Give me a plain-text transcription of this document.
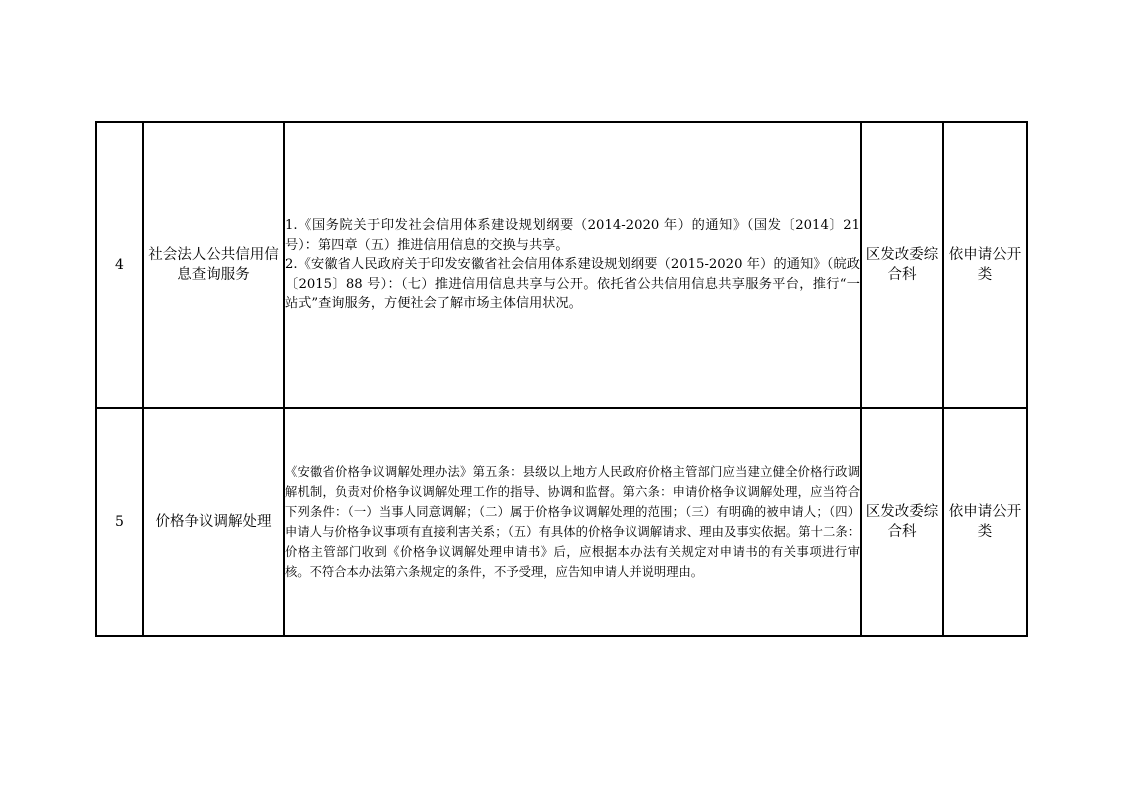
4	社会法人公共信用信息查询服务	1.《国务院关于印发社会信用体系建设规划纲要（2014-2020 年）的通知》（国发〔2014〕21 号）：第四章（五）推进信用信息的交换与共享。

2.《安徽省人民政府关于印发安徽省社会信用体系建设规划纲要（2015-2020 年）的通知》（皖政〔2015〕88 号）：（七）推进信用信息共享与公开。依托省公共信用信息共享服务平台，推行“一站式”查询服务，方便社会了解市场主体信用状况。	区发改委综合科	依申请公开类
5	价格争议调解处理	《安徽省价格争议调解处理办法》第五条：县级以上地方人民政府价格主管部门应当建立健全价格行政调解机制，负责对价格争议调解处理工作的指导、协调和监督。第六条：申请价格争议调解处理，应当符合下列条件：（一）当事人同意调解；（二）属于价格争议调解处理的范围；（三）有明确的被申请人；（四）申请人与价格争议事项有直接利害关系；（五）有具体的价格争议调解请求、理由及事实依据。第十二条：价格主管部门收到《价格争议调解处理申请书》后，应根据本办法有关规定对申请书的有关事项进行审核。不符合本办法第六条规定的条件，不予受理，应告知申请人并说明理由。	区发改委综合科	依申请公开类
